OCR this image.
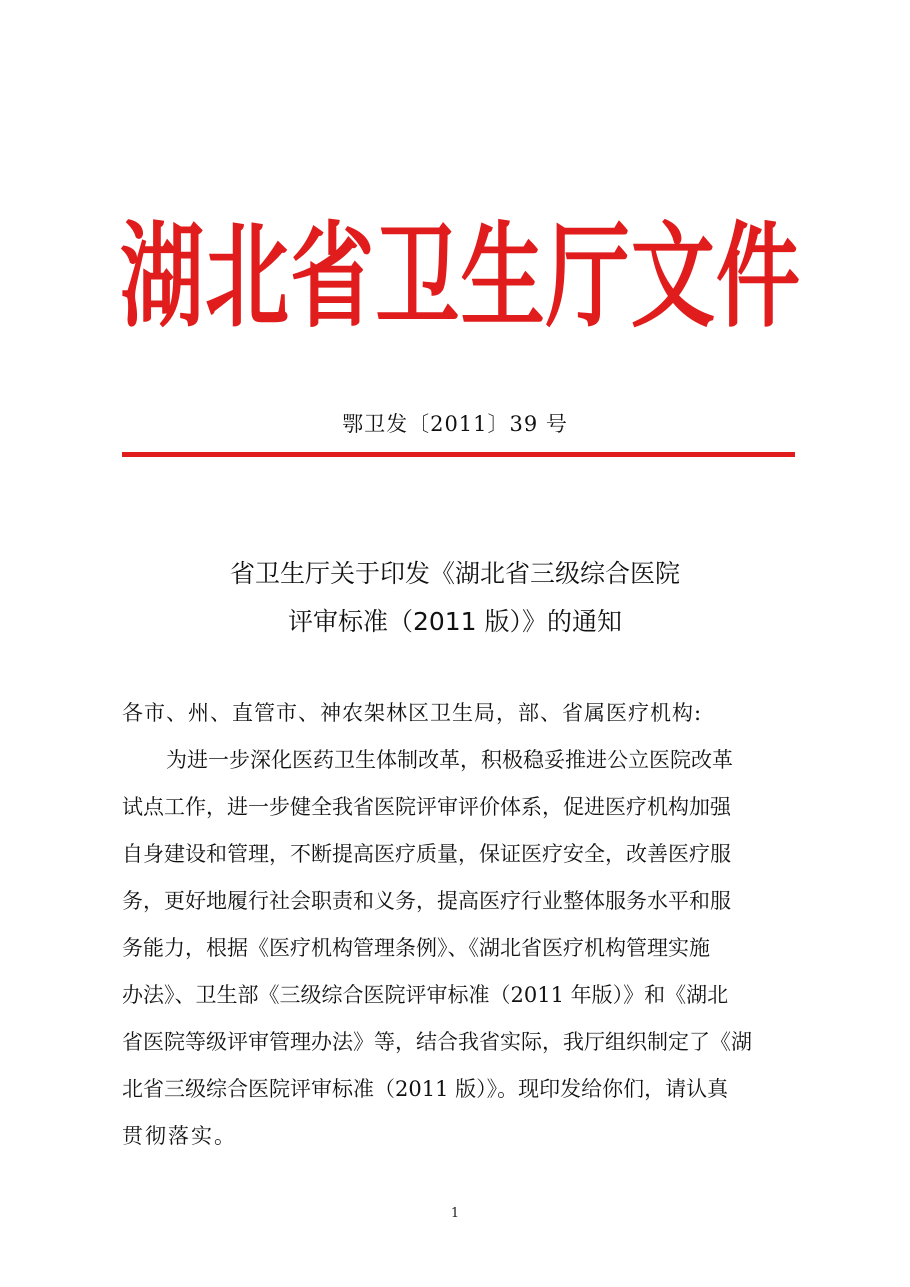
湖 北 省 卫 生 厅 文 件
鄂卫发〔2011〕39 号
省卫生厅关于印发《湖北省三级综合医院
评审标准（2011 版）》的通知
各市、州、直管市、神农架林区卫生局，部、省属医疗机构:
为进一步深化医药卫生体制改革，积极稳妥推进公立医院改革
试点工作，进一步健全我省医院评审评价体系，促进医疗机构加强
自身建设和管理，不断提高医疗质量，保证医疗安全，改善医疗服
务，更好地履行社会职责和义务，提高医疗行业整体服务水平和服
务能力，根据《医疗机构管理条例》、《湖北省医疗机构管理实施
办法》、卫生部《三级综合医院评审标准（2011 年版）》和《湖北
省医院等级评审管理办法》等，结合我省实际，我厅组织制定了《湖
北省三级综合医院评审标准（2011 版）》。现印发给你们，请认真
贯彻落实。
1
